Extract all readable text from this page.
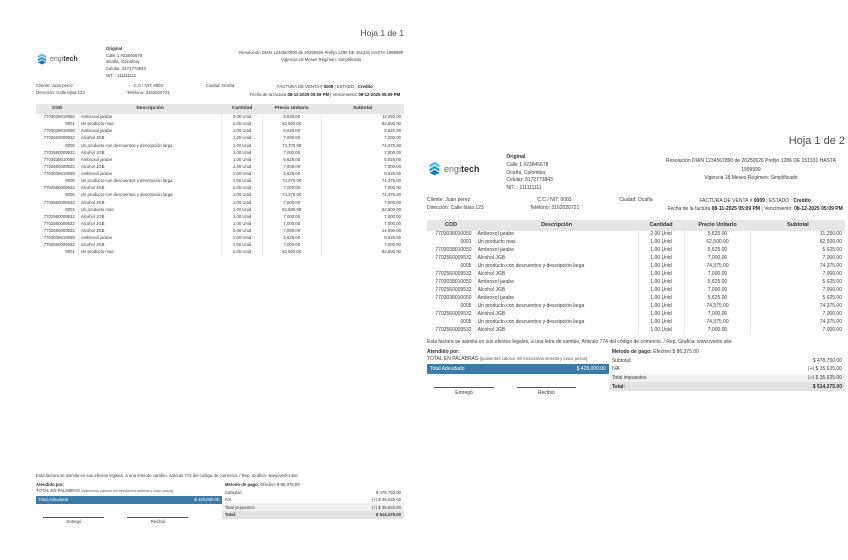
Hoja 1 de 1
engitech
Original
Calle 1 #23845678
Ocaña, Colombia
Celular: 3172773843
NIT. : 111111111
Resolución DIAN 1234567890 de 20250626 Prefijo 1286 DE 151331 HASTA 1999999
Vigencia 18 Meses Régimen: Simplificado
Cliente: Juan perez
Dirección: Calle falsa 123
C.C / NIT: 0003
Teléfono: 3162020721
Ciudad: Ocaña	FACTURA DE VENTA # 0009 | ESTADO : Credito
Fecha de la factura 08-11-2025 05:09 PM | Vencimiento: 08-12-2025 05:09 PM
COD	Descripción	Cantidad	Precio Unitario	Subtotal
7703038010050	Ambroxol jarabe	2.00 Unid	5,625.00	11,250.00
0001	Un producto mas	1.00 Unid	62,500.00	62,500.00
7703038010050	Ambroxol jarabe	1.00 Unid	5,625.00	5,625.00
7702560009532	Alcohol JGB	1.00 Unid	7,000.00	7,000.00
0005	Un producto con descuentos y descripción larga	1.00 Unid	74,375.00	74,375.00
7702560009532	Alcohol JGB	1.00 Unid	7,000.00	7,000.00
7703038010050	Ambroxol jarabe	1.00 Unid	5,625.00	5,625.00
7702560009532	Alcohol JGB	1.00 Unid	7,000.00	7,000.00
7703038010050	Ambroxol jarabe	1.00 Unid	5,625.00	5,625.00
0005	Un producto con descuentos y descripción larga	1.00 Unid	74,375.00	74,375.00
7702560009532	Alcohol JGB	1.00 Unid	7,000.00	7,000.00
0005	Un producto con descuentos y descripción larga	1.00 Unid	74,375.00	74,375.00
7702560009532	Alcohol JGB	1.00 Unid	7,000.00	7,000.00
0001	Un producto mas	1.00 Unid	62,500.00	62,500.00
7702560009532	Alcohol JGB	1.00 Unid	7,000.00	7,000.00
7702560009532	Alcohol JGB	1.00 Unid	7,000.00	7,000.00
7702560009532	Alcohol JGB	2.00 Unid	7,000.00	14,000.00
7703038010050	Ambroxol jarabe	1.00 Unid	5,625.00	5,625.00
7702560009532	Alcohol JGB	1.00 Unid	7,000.00	7,000.00
0001	Un producto mas	1.00 Unid	62,500.00	62,500.00
Esta factura se asimila en sus efectos legales, a una letra de cambio, Articulo 774 del código de comercio. / Rep. Grafica: www.ivento.site
Atendido por:
TOTAL EN PALABRAS (quinientos catorce mil trescientos setenta y cinco pesos)
Total Adeudado	$ 428,000.00
Entregó	Recibió
Metodo de pago: Efectivo $ 86,375.00
Subtotal:	$ 478,750.00
IVA	(+) $ 35,625.00
Total impuestos	(+) $ 35,625.00
Total:	$ 514,375.00
Hoja 1 de 2
engitech
Original
Calle 1 #23845678
Ocaña, Colombia
Celular: 3172773843
NIT. : 111111111
Resolución DIAN 1234567890 de 20250626 Prefijo 1286 DE 151331 HASTA 1999999
Vigencia 18 Meses Régimen: Simplificado
Cliente: Juan perez
Dirección: Calle falsa 123
C.C / NIT: 0003
Teléfono: 3162020721
Ciudad: Ocaña	FACTURA DE VENTA # 0009 | ESTADO : Credito
Fecha de la factura 08-11-2025 05:09 PM | Vencimiento: 08-12-2025 05:09 PM
COD	Descripción	Cantidad	Precio Unitario	Subtotal
7703038010050	Ambroxol jarabe	2.00 Unid	5,625.00	11,250.00
0001	Un producto mas	1.00 Unid	62,500.00	62,500.00
7703038010050	Ambroxol jarabe	1.00 Unid	5,625.00	5,625.00
7702560009532	Alcohol JGB	1.00 Unid	7,000.00	7,000.00
0005	Un producto con descuentos y descripción larga	1.00 Unid	74,375.00	74,375.00
7702560009532	Alcohol JGB	1.00 Unid	7,000.00	7,000.00
7703038010050	Ambroxol jarabe	1.00 Unid	5,625.00	5,625.00
7702560009532	Alcohol JGB	1.00 Unid	7,000.00	7,000.00
7703038010050	Ambroxol jarabe	1.00 Unid	5,625.00	5,625.00
0005	Un producto con descuentos y descripción larga	1.00 Unid	74,375.00	74,375.00
7702560009532	Alcohol JGB	1.00 Unid	7,000.00	7,000.00
0005	Un producto con descuentos y descripción larga	1.00 Unid	74,375.00	74,375.00
7702560009532	Alcohol JGB	1.00 Unid	7,000.00	7,000.00
Esta factura se asimila en sus efectos legales, a una letra de cambio, Articulo 774 del código de comercio. / Rep. Grafica: www.ivento.site
Atendido por:
TOTAL EN PALABRAS (quinientos catorce mil trescientos setenta y cinco pesos)
Total Adeudado	$ 428,000.00
Entregó	Recibió
Metodo de pago: Efectivo $ 86,375.00
Subtotal:	$ 478,750.00
IVA	(+) $ 35,625.00
Total impuestos	(+) $ 35,625.00
Total:	$ 514,375.00
